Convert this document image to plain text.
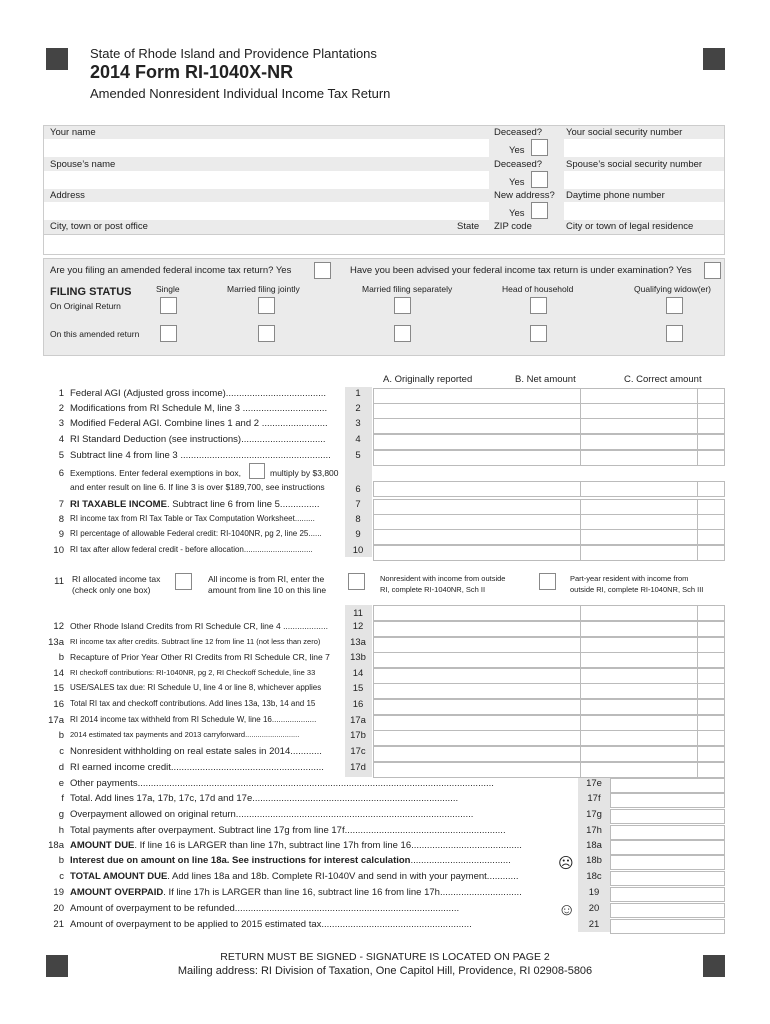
State of Rhode Island and Providence Plantations
2014 Form RI-1040X-NR
Amended Nonresident Individual Income Tax Return
Your name	Deceased?
Yes
Your social security number
Spouse’s name	Deceased?
Yes
Spouse’s social security number
Address	New address?
Yes
Daytime phone number
City, town or post office	State ZIP code	City or town of legal residence
Are you filing an amended federal income tax return? Yes	Have you been advised your federal income tax return is under examination? Yes
FILING STATUS
On Original Return
On this amended return
Single	Married filing jointly	Married filing separately	Head of household	Qualifying widow(er)
A. Originally reported	B. Net amount	C. Correct amount
1 Federal AGI (Adjusted gross income)......................................	1
2 Modifications from RI Schedule M, line 3 ................................	2
3 Modified Federal AGI. Combine lines 1 and 2 .........................	3
4 RI Standard Deduction (see instructions)................................	4
5 Subtract line 4 from line 3 .........................................................	5
6 Exemptions. Enter federal exemptions in box,	multiply by $3,800
and enter result on line 6. If line 3 is over $189,700, see instructions	6
7 RI TAXABLE INCOME. Subtract line 6 from line 5...............	7
8 RI income tax from RI Tax Table or Tax Computation Worksheet.........	8
9 RI percentage of allowable Federal credit: RI-1040NR, pg 2, line 25......	9
10 RI tax after allow federal credit - before allocation...............................	10
11 RI allocated income tax
(check only one box)
All income is from RI, enter the
amount from line 10 on this line
Nonresident with income from outside
RI, complete RI-1040NR, Sch II
Part-year resident with income from
outside RI, complete RI-1040NR, Sch III
11
12 Other Rhode Island Credits from RI Schedule CR, line 4 ...................	12
13a RI income tax after credits. Subtract line 12 from line 11 (not less than zero)	13a
b Recapture of Prior Year Other RI Credits from RI Schedule CR, line 7	13b
14 RI checkoff contributions: RI-1040NR, pg 2, RI Checkoff Schedule, line 33	14
15 USE/SALES tax due: RI Schedule U, line 4 or line 8, whichever applies	15
16 Total RI tax and checkoff contributions. Add lines 13a, 13b, 14 and 15	16
17a RI 2014 income tax withheld from RI Schedule W, line 16....................	17a
b 2014 estimated tax payments and 2013 carryforward..........................	17b
c Nonresident withholding on real estate sales in 2014............	17c
d RI earned income credit..........................................................	17d
e Other payments.......................................................................................................................................	17e
f Total. Add lines 17a, 17b, 17c, 17d and 17e..............................................................................	17f
g Overpayment allowed on original return..........................................................................................	17g
h Total payments after overpayment. Subtract line 17g from line 17f.............................................................	17h
18a AMOUNT DUE. If line 16 is LARGER than line 17h, subtract line 17h from line 16..........................................	18a
b Interest due on amount on line 18a. See instructions for interest calculation......................................	☹	18b
c TOTAL AMOUNT DUE. Add lines 18a and 18b. Complete RI-1040V and send in with your payment............	18c
19 AMOUNT OVERPAID. If line 17h is LARGER than line 16, subtract line 16 from line 17h...............................	19
20 Amount of overpayment to be refunded.....................................................................................	☺	20
21 Amount of overpayment to be applied to 2015 estimated tax.........................................................	21
RETURN MUST BE SIGNED - SIGNATURE IS LOCATED ON PAGE 2
Mailing address: RI Division of Taxation, One Capitol Hill, Providence, RI 02908-5806
